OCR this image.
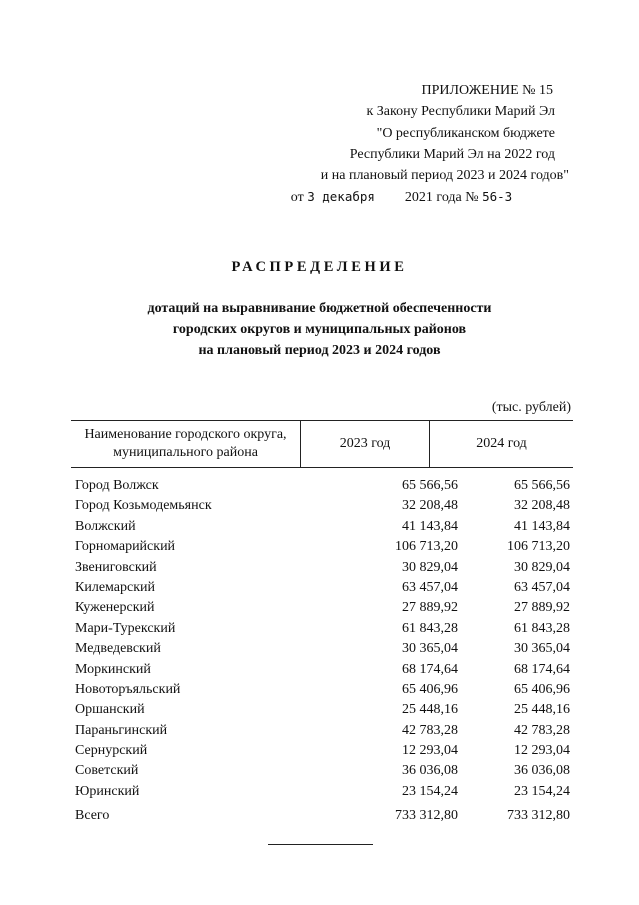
ПРИЛОЖЕНИЕ № 15
к Закону Республики Марий Эл
"О республиканском бюджете
Республики Марий Эл на 2022 год
и на плановый период 2023 и 2024 годов"
от 3 декабря 2021 года № 56-З
РАСПРЕДЕЛЕНИЕ
дотаций на выравнивание бюджетной обеспеченности
городских округов и муниципальных районов
на плановый период 2023 и 2024 годов
(тыс. рублей)
Наименование городского округа, муниципального района	2023 год	2024 год
Город Волжск	65 566,56	65 566,56
Город Козьмодемьянск	32 208,48	32 208,48
Волжский	41 143,84	41 143,84
Горномарийский	106 713,20	106 713,20
Звениговский	30 829,04	30 829,04
Килемарский	63 457,04	63 457,04
Куженерский	27 889,92	27 889,92
Мари-Турекский	61 843,28	61 843,28
Медведевский	30 365,04	30 365,04
Моркинский	68 174,64	68 174,64
Новоторъяльский	65 406,96	65 406,96
Оршанский	25 448,16	25 448,16
Параньгинский	42 783,28	42 783,28
Сернурский	12 293,04	12 293,04
Советский	36 036,08	36 036,08
Юринский	23 154,24	23 154,24
Всего	733 312,80	733 312,80
